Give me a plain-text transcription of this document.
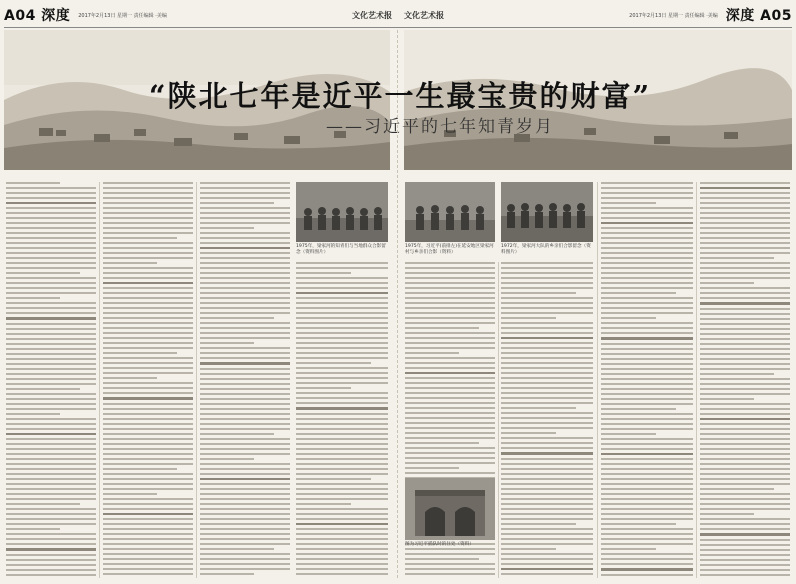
A04 深度 2017年2月13日 星期一 责任编辑 ·美编	文化艺术报 文化艺术报	2017年2月13日 星期一 责任编辑 ·美编 深度 A05
“陕北七年是近平一生最宝贵的财富”
——习近平的七年知青岁月
1975年，梁家河的知青们与当地群众合影留念（资料图片）
1975年，习近平(前排左)在延安地区梁家河村与乡亲们合影（资料）
1972年，梁家河大队的乡亲们合影留念（资料图片）
图为习近平插队时的住处（资料）
